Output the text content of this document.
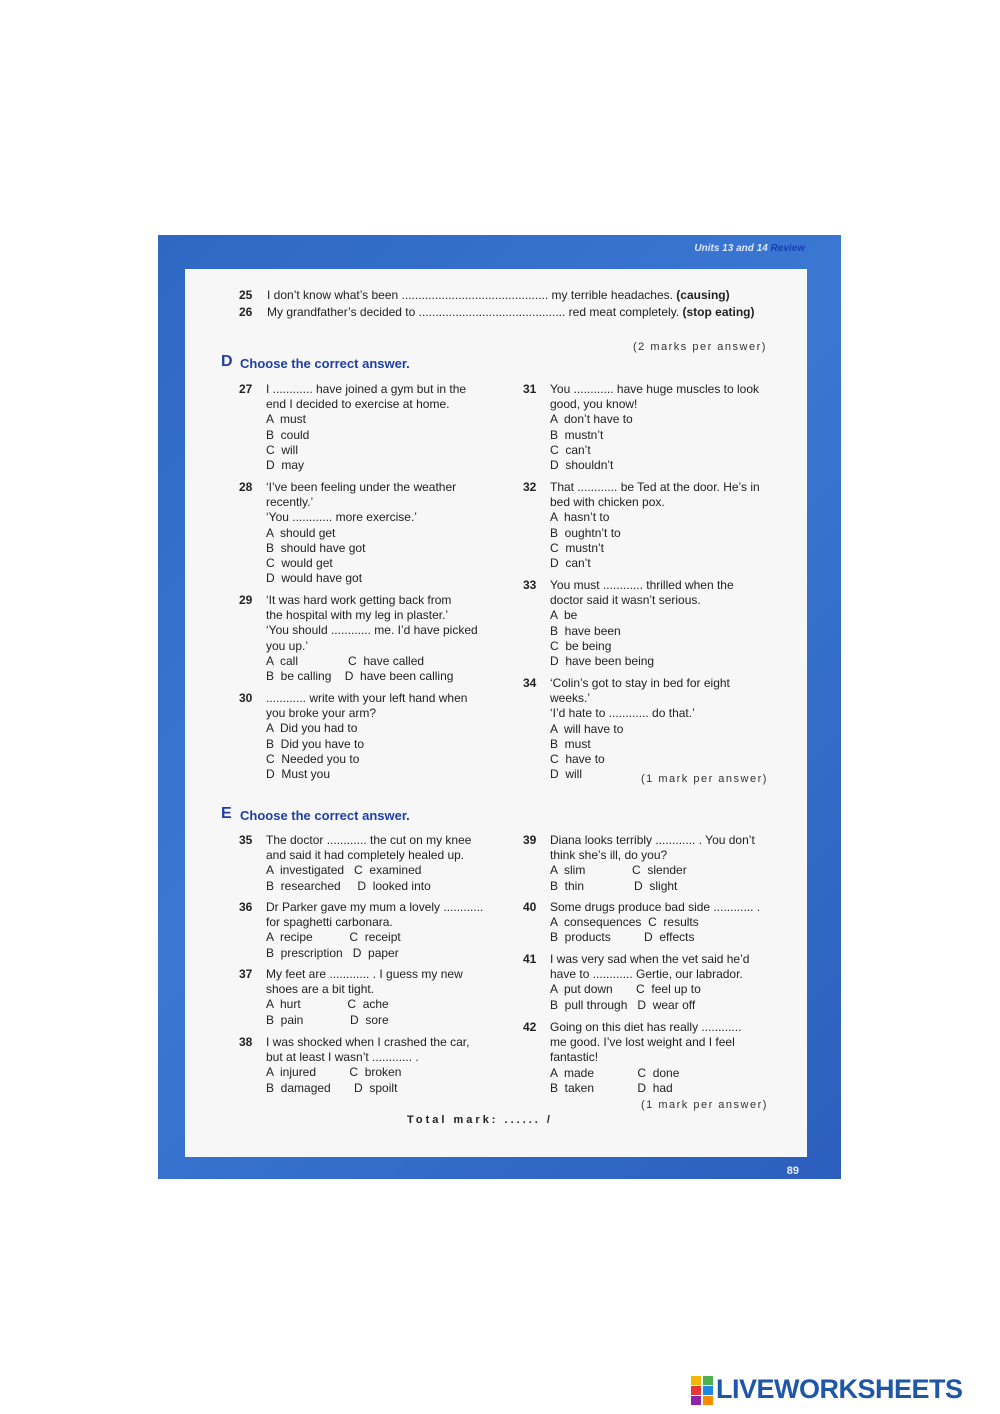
Units 13 and 14 Review
89
25 I don’t know what’s been ............................................ my terrible headaches. (causing)
26 My grandfather’s decided to ............................................ red meat completely. (stop eating)
(2 marks per answer)
D Choose the correct answer.
27 I ............ have joined a gym but in the
end I decided to exercise at home.
A  must
B  could
C  will
D  may
28 ‘I’ve been feeling under the weather
recently.’
‘You ............ more exercise.’
A  should get
B  should have got
C  would get
D  would have got
29 ‘It was hard work getting back from
the hospital with my leg in plaster.’
‘You should ............ me. I’d have picked
you up.’
A  call               C  have called
B  be calling    D  have been calling
30 ............ write with your left hand when
you broke your arm?
A  Did you had to
B  Did you have to
C  Needed you to
D  Must you
31 You ............ have huge muscles to look
good, you know!
A  don’t have to
B  mustn’t
C  can’t
D  shouldn’t
32 That ............ be Ted at the door. He’s in
bed with chicken pox.
A  hasn’t to
B  oughtn’t to
C  mustn’t
D  can’t
33 You must ............ thrilled when the
doctor said it wasn’t serious.
A  be
B  have been
C  be being
D  have been being
34 ‘Colin’s got to stay in bed for eight
weeks.’
‘I’d hate to ............ do that.’
A  will have to
B  must
C  have to
D  will	(1 mark per answer)
E Choose the correct answer.
35 The doctor ............ the cut on my knee
and said it had completely healed up.
A  investigated   C  examined
B  researched     D  looked into
36 Dr Parker gave my mum a lovely ............
for spaghetti carbonara.
A  recipe           C  receipt
B  prescription   D  paper
37 My feet are ............ . I guess my new
shoes are a bit tight.
A  hurt              C  ache
B  pain              D  sore
38 I was shocked when I crashed the car,
but at least I wasn’t ............ .
A  injured          C  broken
B  damaged       D  spoilt
39 Diana looks terribly ............ . You don’t
think she’s ill, do you?
A  slim              C  slender
B  thin               D  slight
40 Some drugs produce bad side ............ .
A  consequences  C  results
B  products          D  effects
41 I was very sad when the vet said he’d
have to ............ Gertie, our labrador.
A  put down       C  feel up to
B  pull through   D  wear off
42 Going on this diet has really ............
me good. I’ve lost weight and I feel
fantastic!
A  made             C  done
B  taken             D  had
(1 mark per answer)
Total mark: ...... /
LIVEWORKSHEETS
